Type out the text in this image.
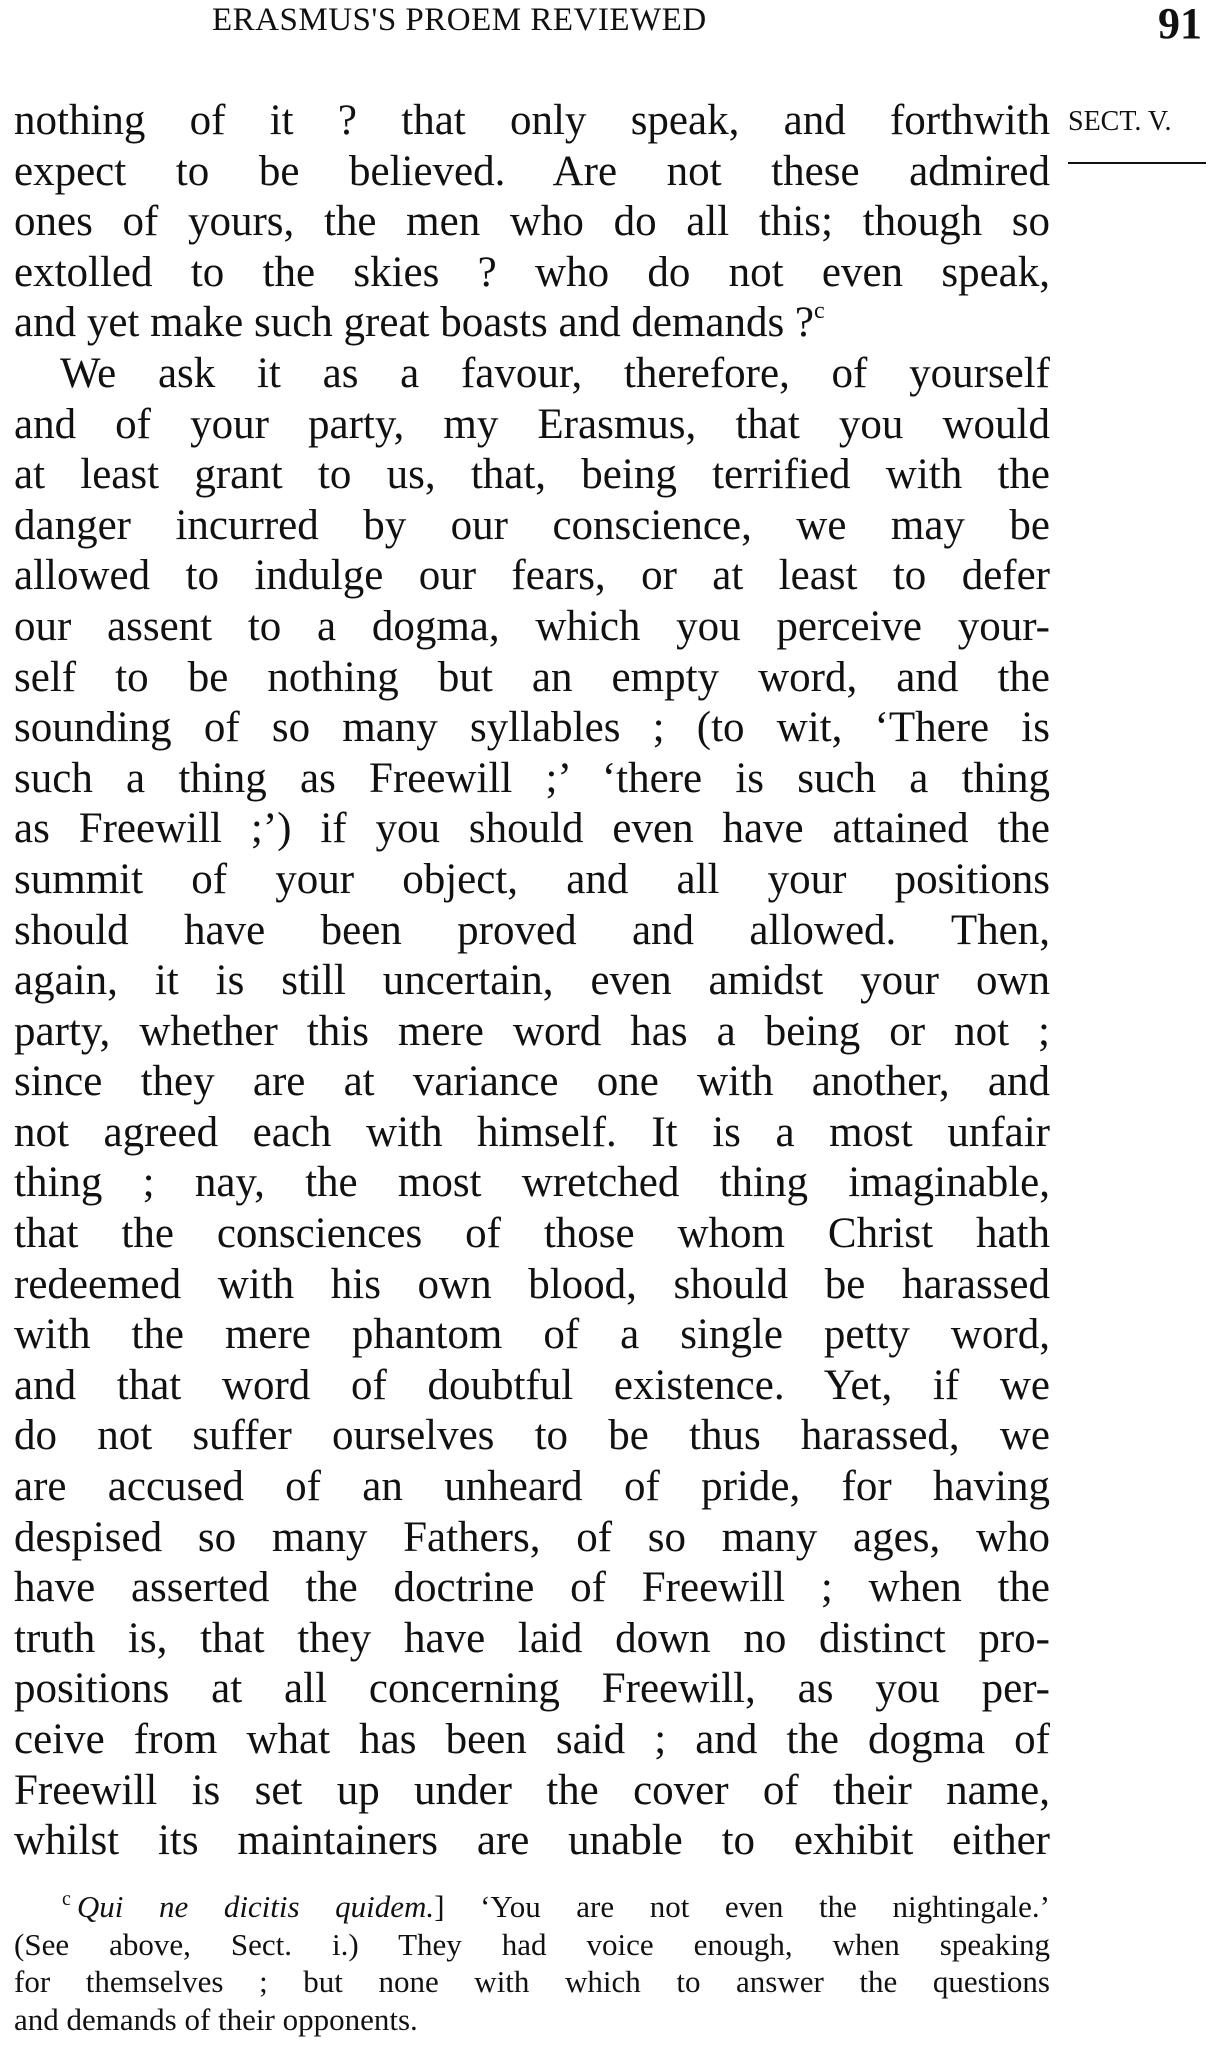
ERASMUS'S PROEM REVIEWED	91
SECT. V.
nothing of it ? that only speak, and forthwith
expect to be believed. Are not these admired
ones of yours, the men who do all this; though so
extolled to the skies ? who do not even speak,
and yet make such great boasts and demands ?$^c$
We ask it as a favour, therefore, of yourself
and of your party, my Erasmus, that you would
at least grant to us, that, being terrified with the
danger incurred by our conscience, we may be
allowed to indulge our fears, or at least to defer
our assent to a dogma, which you perceive your-
self to be nothing but an empty word, and the
sounding of so many syllables ; (to wit, ‘There is
such a thing as Freewill ;’ ‘there is such a thing
as Freewill ;’) if you should even have attained the
summit of your object, and all your positions
should have been proved and allowed. Then,
again, it is still uncertain, even amidst your own
party, whether this mere word has a being or not ;
since they are at variance one with another, and
not agreed each with himself. It is a most unfair
thing ; nay, the most wretched thing imaginable,
that the consciences of those whom Christ hath
redeemed with his own blood, should be harassed
with the mere phantom of a single petty word,
and that word of doubtful existence. Yet, if we
do not suffer ourselves to be thus harassed, we
are accused of an unheard of pride, for having
despised so many Fathers, of so many ages, who
have asserted the doctrine of Freewill ; when the
truth is, that they have laid down no distinct pro-
positions at all concerning Freewill, as you per-
ceive from what has been said ; and the dogma of
Freewill is set up under the cover of their name,
whilst its maintainers are unable to exhibit either
$^c$ Qui ne dicitis quidem.] ‘You are not even the nightingale.’
(See above, Sect. i.) They had voice enough, when speaking
for themselves ; but none with which to answer the questions
and demands of their opponents.
